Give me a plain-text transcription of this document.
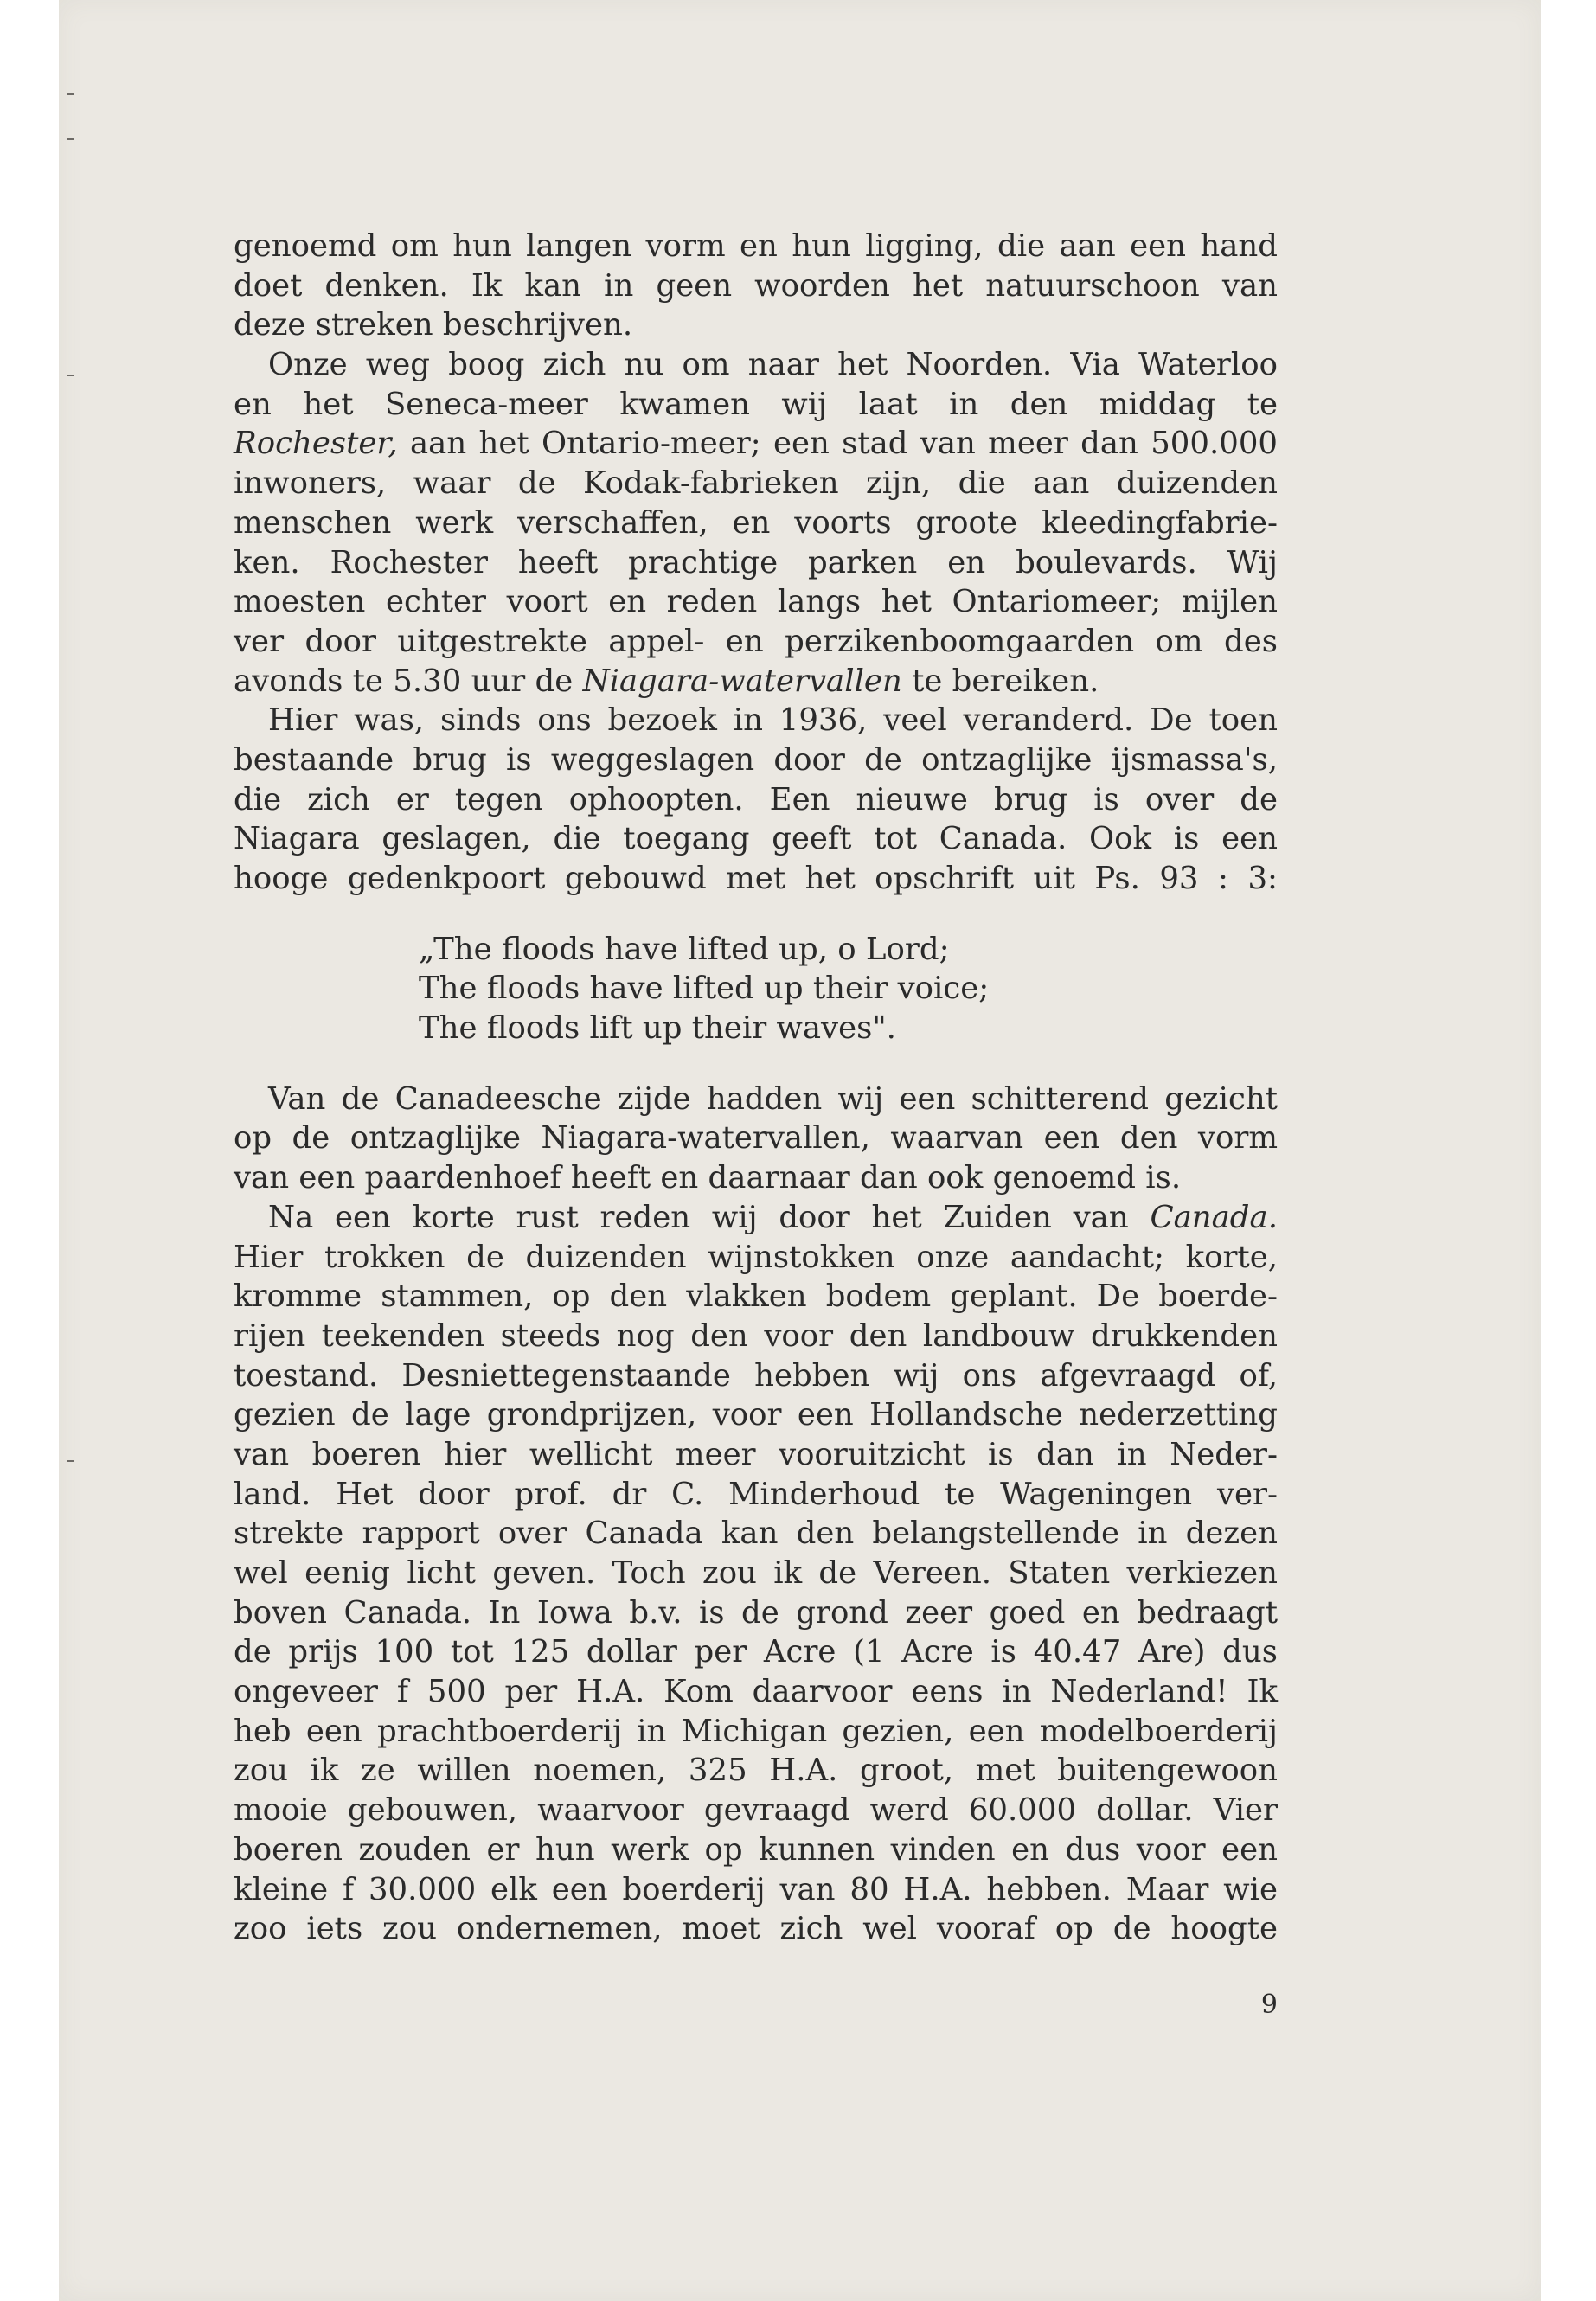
genoemd om hun langen vorm en hun ligging, die aan een hand
doet denken. Ik kan in geen woorden het natuurschoon van
deze streken beschrijven.
Onze weg boog zich nu om naar het Noorden. Via Waterloo
en het Seneca-meer kwamen wij laat in den middag te
Rochester, aan het Ontario-meer; een stad van meer dan 500.000
inwoners, waar de Kodak-fabrieken zijn, die aan duizenden
menschen werk verschaffen, en voorts groote kleedingfabrie-
ken. Rochester heeft prachtige parken en boulevards. Wij
moesten echter voort en reden langs het Ontariomeer; mijlen
ver door uitgestrekte appel- en perzikenboomgaarden om des
avonds te 5.30 uur de Niagara-watervallen te bereiken.
Hier was, sinds ons bezoek in 1936, veel veranderd. De toen
bestaande brug is weggeslagen door de ontzaglijke ijsmassa's,
die zich er tegen ophoopten. Een nieuwe brug is over de
Niagara geslagen, die toegang geeft tot Canada. Ook is een
hooge gedenkpoort gebouwd met het opschrift uit Ps. 93 : 3:
„The floods have lifted up, o Lord;
The floods have lifted up their voice;
The floods lift up their waves".
Van de Canadeesche zijde hadden wij een schitterend gezicht
op de ontzaglijke Niagara-watervallen, waarvan een den vorm
van een paardenhoef heeft en daarnaar dan ook genoemd is.
Na een korte rust reden wij door het Zuiden van Canada.
Hier trokken de duizenden wijnstokken onze aandacht; korte,
kromme stammen, op den vlakken bodem geplant. De boerde-
rijen teekenden steeds nog den voor den landbouw drukkenden
toestand. Desniettegenstaande hebben wij ons afgevraagd of,
gezien de lage grondprijzen, voor een Hollandsche nederzetting
van boeren hier wellicht meer vooruitzicht is dan in Neder-
land. Het door prof. dr C. Minderhoud te Wageningen ver-
strekte rapport over Canada kan den belangstellende in dezen
wel eenig licht geven. Toch zou ik de Vereen. Staten verkiezen
boven Canada. In Iowa b.v. is de grond zeer goed en bedraagt
de prijs 100 tot 125 dollar per Acre (1 Acre is 40.47 Are) dus
ongeveer f 500 per H.A. Kom daarvoor eens in Nederland! Ik
heb een prachtboerderij in Michigan gezien, een modelboerderij
zou ik ze willen noemen, 325 H.A. groot, met buitengewoon
mooie gebouwen, waarvoor gevraagd werd 60.000 dollar. Vier
boeren zouden er hun werk op kunnen vinden en dus voor een
kleine f 30.000 elk een boerderij van 80 H.A. hebben. Maar wie
zoo iets zou ondernemen, moet zich wel vooraf op de hoogte
9
